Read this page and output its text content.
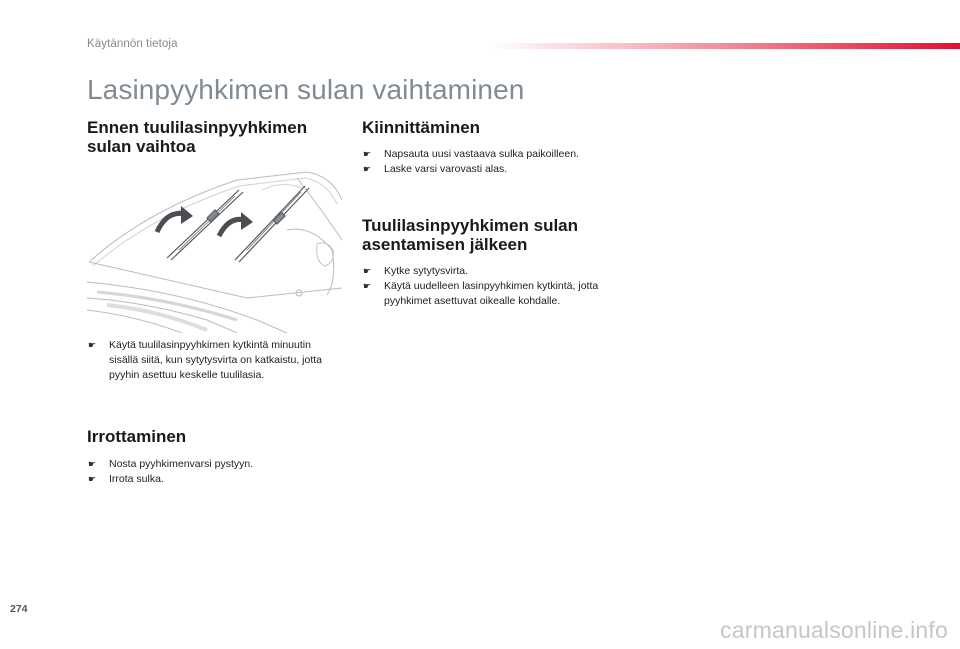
Käytännön tietoja
Lasinpyyhkimen sulan vaihtaminen
Ennen tuulilasinpyyhkimen sulan vaihtoa
☛ Käytä tuulilasinpyyhkimen kytkintä minuutin sisällä siitä, kun sytytysvirta on katkaistu, jotta pyyhin asettuu keskelle tuulilasia.
Irrottaminen
☛ Nosta pyyhkimenvarsi pystyyn.
☛ Irrota sulka.
Kiinnittäminen
☛ Napsauta uusi vastaava sulka paikoilleen.
☛ Laske varsi varovasti alas.
Tuulilasinpyyhkimen sulan asentamisen jälkeen
☛ Kytke sytytysvirta.
☛ Käytä uudelleen lasinpyyhkimen kytkintä, jotta pyyhkimet asettuvat oikealle kohdalle.
274
carmanualsonline.info
